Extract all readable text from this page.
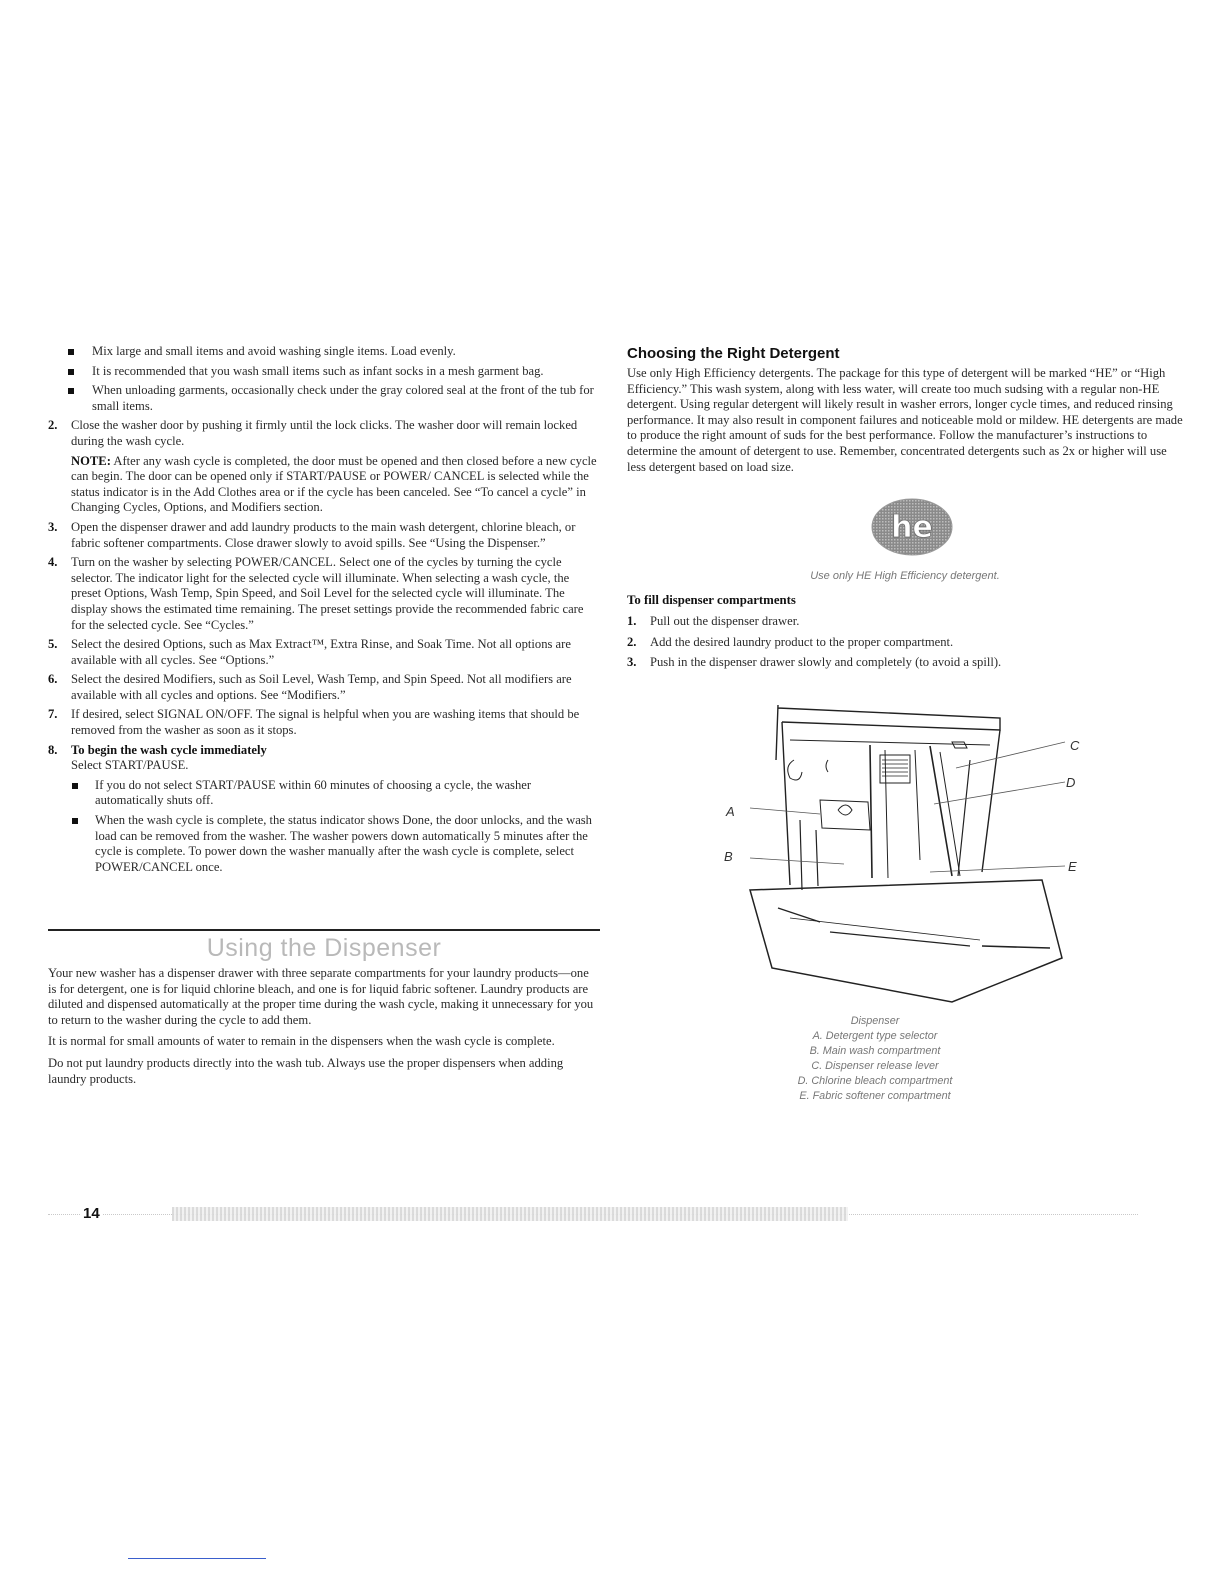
Mix large and small items and avoid washing single items. Load evenly.
It is recommended that you wash small items such as infant socks in a mesh garment bag.
When unloading garments, occasionally check under the gray colored seal at the front of the tub for small items.
2. Close the washer door by pushing it firmly until the lock clicks. The washer door will remain locked during the wash cycle.
NOTE: After any wash cycle is completed, the door must be opened and then closed before a new cycle can begin. The door can be opened only if START/PAUSE or POWER/ CANCEL is selected while the status indicator is in the Add Clothes area or if the cycle has been canceled. See “To cancel a cycle” in Changing Cycles, Options, and Modifiers section.
3. Open the dispenser drawer and add laundry products to the main wash detergent, chlorine bleach, or fabric softener compartments. Close drawer slowly to avoid spills. See “Using the Dispenser.”
4. Turn on the washer by selecting POWER/CANCEL. Select one of the cycles by turning the cycle selector. The indicator light for the selected cycle will illuminate. When selecting a wash cycle, the preset Options, Wash Temp, Spin Speed, and Soil Level for the selected cycle will illuminate. The display shows the estimated time remaining. The preset settings provide the recommended fabric care for the selected cycle. See “Cycles.”
5. Select the desired Options, such as Max Extract™, Extra Rinse, and Soak Time. Not all options are available with all cycles. See “Options.”
6. Select the desired Modifiers, such as Soil Level, Wash Temp, and Spin Speed. Not all modifiers are available with all cycles and options. See “Modifiers.”
7. If desired, select SIGNAL ON/OFF. The signal is helpful when you are washing items that should be removed from the washer as soon as it stops.
8. To begin the wash cycle immediately
Select START/PAUSE.
If you do not select START/PAUSE within 60 minutes of choosing a cycle, the washer automatically shuts off.
When the wash cycle is complete, the status indicator shows Done, the door unlocks, and the wash load can be removed from the washer. The washer powers down automatically 5 minutes after the cycle is complete. To power down the washer manually after the wash cycle is complete, select POWER/CANCEL once.
Using the Dispenser

Your new washer has a dispenser drawer with three separate compartments for your laundry products—one is for detergent, one is for liquid chlorine bleach, and one is for liquid fabric softener. Laundry products are diluted and dispensed automatically at the proper time during the wash cycle, making it unnecessary for you to return to the washer during the cycle to add them.

It is normal for small amounts of water to remain in the dispensers when the wash cycle is complete.

Do not put laundry products directly into the wash tub. Always use the proper dispensers when adding laundry products.

Choosing the Right Detergent

Use only High Efficiency detergents. The package for this type of detergent will be marked “HE” or “High Efficiency.” This wash system, along with less water, will create too much sudsing with a regular non-HE detergent. Using regular detergent will likely result in washer errors, longer cycle times, and reduced rinsing performance. It may also result in component failures and noticeable mold or mildew. HE detergents are made to produce the right amount of suds for the best performance. Follow the manufacturer’s instructions to determine the amount of detergent to use. Remember, concentrated detergents such as 2x or higher will use less detergent based on load size.

he
Use only HE High Efficiency detergent.
To fill dispenser compartments
1. Pull out the dispenser drawer.
2. Add the desired laundry product to the proper compartment.
3. Push in the dispenser drawer slowly and completely (to avoid a spill).
C
D
A
B
E
Dispenser
A. Detergent type selector
B. Main wash compartment
C. Dispenser release lever
D. Chlorine bleach compartment
E. Fabric softener compartment
14
